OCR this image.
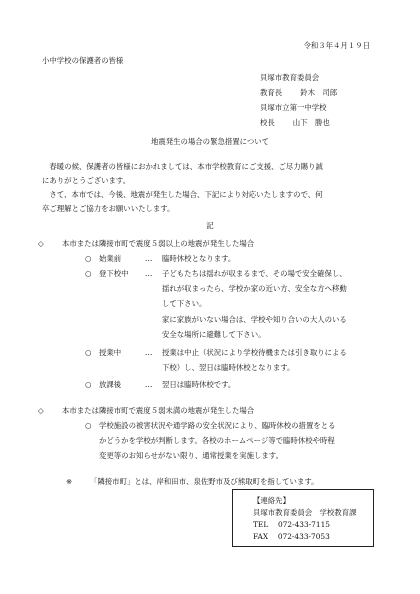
令和３年４月１９日
小中学校の保護者の皆様
貝塚市教育委員会
教育長 鈴木　司郎
貝塚市立第一中学校
校長 山下　勝也
地震発生の場合の緊急措置について
　春暖の候、保護者の皆様におかれましては、本市学校教育にご支援、ご尽力賜り誠
にありがとうございます。
　さて、本市では、今後、地震が発生した場合、下記により対応いたしますので、何
卒ご理解とご協力をお願いいたします。
記
◇ 本市または隣接市町で震度５弱以上の地震が発生した場合
○ 始業前	… 臨時休校となります。
○ 登下校中 … 子どもたちは揺れが収まるまで、その場で安全確保し、
揺れが収まったら、学校か家の近い方、安全な方へ移動
して下さい。
家に家族がいない場合は、学校や知り合いの大人のいる
安全な場所に避難して下さい。
○ 授業中	… 授業は中止（状況により学校待機または引き取りによる
下校）し、翌日は臨時休校となります。
○ 放課後	… 翌日は臨時休校です。
◇ 本市または隣接市町で震度５弱未満の地震が発生した場合
○ 学校施設の被害状況や通学路の安全状況により、臨時休校の措置をとる
かどうかを学校が判断します。各校のホームページ等で臨時休校や時程
変更等のお知らせがない限り、通常授業を実施します。
※ 「隣接市町」とは、岸和田市、泉佐野市及び熊取町を指しています。
【連絡先】
貝塚市教育委員会　学校教育課
TEL　 072-433-7115
FAX　 072-433-7053
